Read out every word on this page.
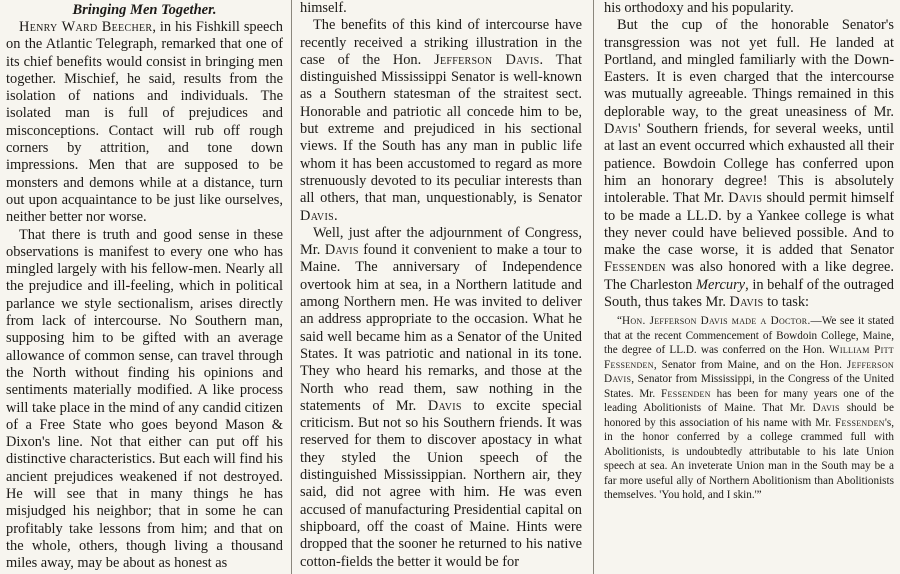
Bringing Men Together.

Henry Ward Beecher, in his Fishkill speech on the Atlantic Telegraph, remarked that one of its chief benefits would consist in bringing men together. Mischief, he said, results from the isolation of nations and individuals. The isolated man is full of prejudices and misconceptions. Contact will rub off rough corners by attrition, and tone down impressions. Men that are supposed to be monsters and demons while at a distance, turn out upon acquaintance to be just like ourselves, neither better nor worse.

That there is truth and good sense in these observations is manifest to every one who has mingled largely with his fellow-men. Nearly all the prejudice and ill-feeling, which in political parlance we style sectionalism, arises directly from lack of intercourse. No Southern man, supposing him to be gifted with an average allowance of common sense, can travel through the North without finding his opinions and sentiments materially modified. A like process will take place in the mind of any candid citizen of a Free State who goes beyond Mason & Dixon's line. Not that either can put off his distinctive characteristics. But each will find his ancient prejudices weakened if not destroyed. He will see that in many things he has misjudged his neighbor; that in some he can profitably take lessons from him; and that on the whole, others, though living a thousand miles away, may be about as honest as

himself.

The benefits of this kind of intercourse have recently received a striking illustration in the case of the Hon. Jefferson Davis. That distinguished Mississippi Senator is well-known as a Southern statesman of the straitest sect. Honorable and patriotic all concede him to be, but extreme and prejudiced in his sectional views. If the South has any man in public life whom it has been accustomed to regard as more strenuously devoted to its peculiar interests than all others, that man, unquestionably, is Senator Davis.

Well, just after the adjournment of Congress, Mr. Davis found it convenient to make a tour to Maine. The anniversary of Independence overtook him at sea, in a Northern latitude and among Northern men. He was invited to deliver an address appropriate to the occasion. What he said well became him as a Senator of the United States. It was patriotic and national in its tone. They who heard his remarks, and those at the North who read them, saw nothing in the statements of Mr. Davis to excite special criticism. But not so his Southern friends. It was reserved for them to discover apostacy in what they styled the Union speech of the distinguished Mississippian. Northern air, they said, did not agree with him. He was even accused of manufacturing Presidential capital on shipboard, off the coast of Maine. Hints were dropped that the sooner he returned to his native cotton-fields the better it would be for

his orthodoxy and his popularity.

But the cup of the honorable Senator's transgression was not yet full. He landed at Portland, and mingled familiarly with the Down-Easters. It is even charged that the intercourse was mutually agreeable. Things remained in this deplorable way, to the great uneasiness of Mr. Davis' Southern friends, for several weeks, until at last an event occurred which exhausted all their patience. Bowdoin College has conferred upon him an honorary degree! This is absolutely intolerable. That Mr. Davis should permit himself to be made a LL.D. by a Yankee college is what they never could have believed possible. And to make the case worse, it is added that Senator Fessenden was also honored with a like degree. The Charleston Mercury, in behalf of the outraged South, thus takes Mr. Davis to task:

“Hon. Jefferson Davis made a Doctor.—We see it stated that at the recent Commencement of Bowdoin College, Maine, the degree of LL.D. was conferred on the Hon. William Pitt Fessenden, Senator from Maine, and on the Hon. Jefferson Davis, Senator from Mississippi, in the Congress of the United States. Mr. Fessenden has been for many years one of the leading Abolitionists of Maine. That Mr. Davis should be honored by this association of his name with Mr. Fessenden's, in the honor conferred by a college crammed full with Abolitionists, is undoubtedly attributable to his late Union speech at sea. An inveterate Union man in the South may be a far more useful ally of Northern Abolitionism than Abolitionists themselves. 'You hold, and I skin.'”
